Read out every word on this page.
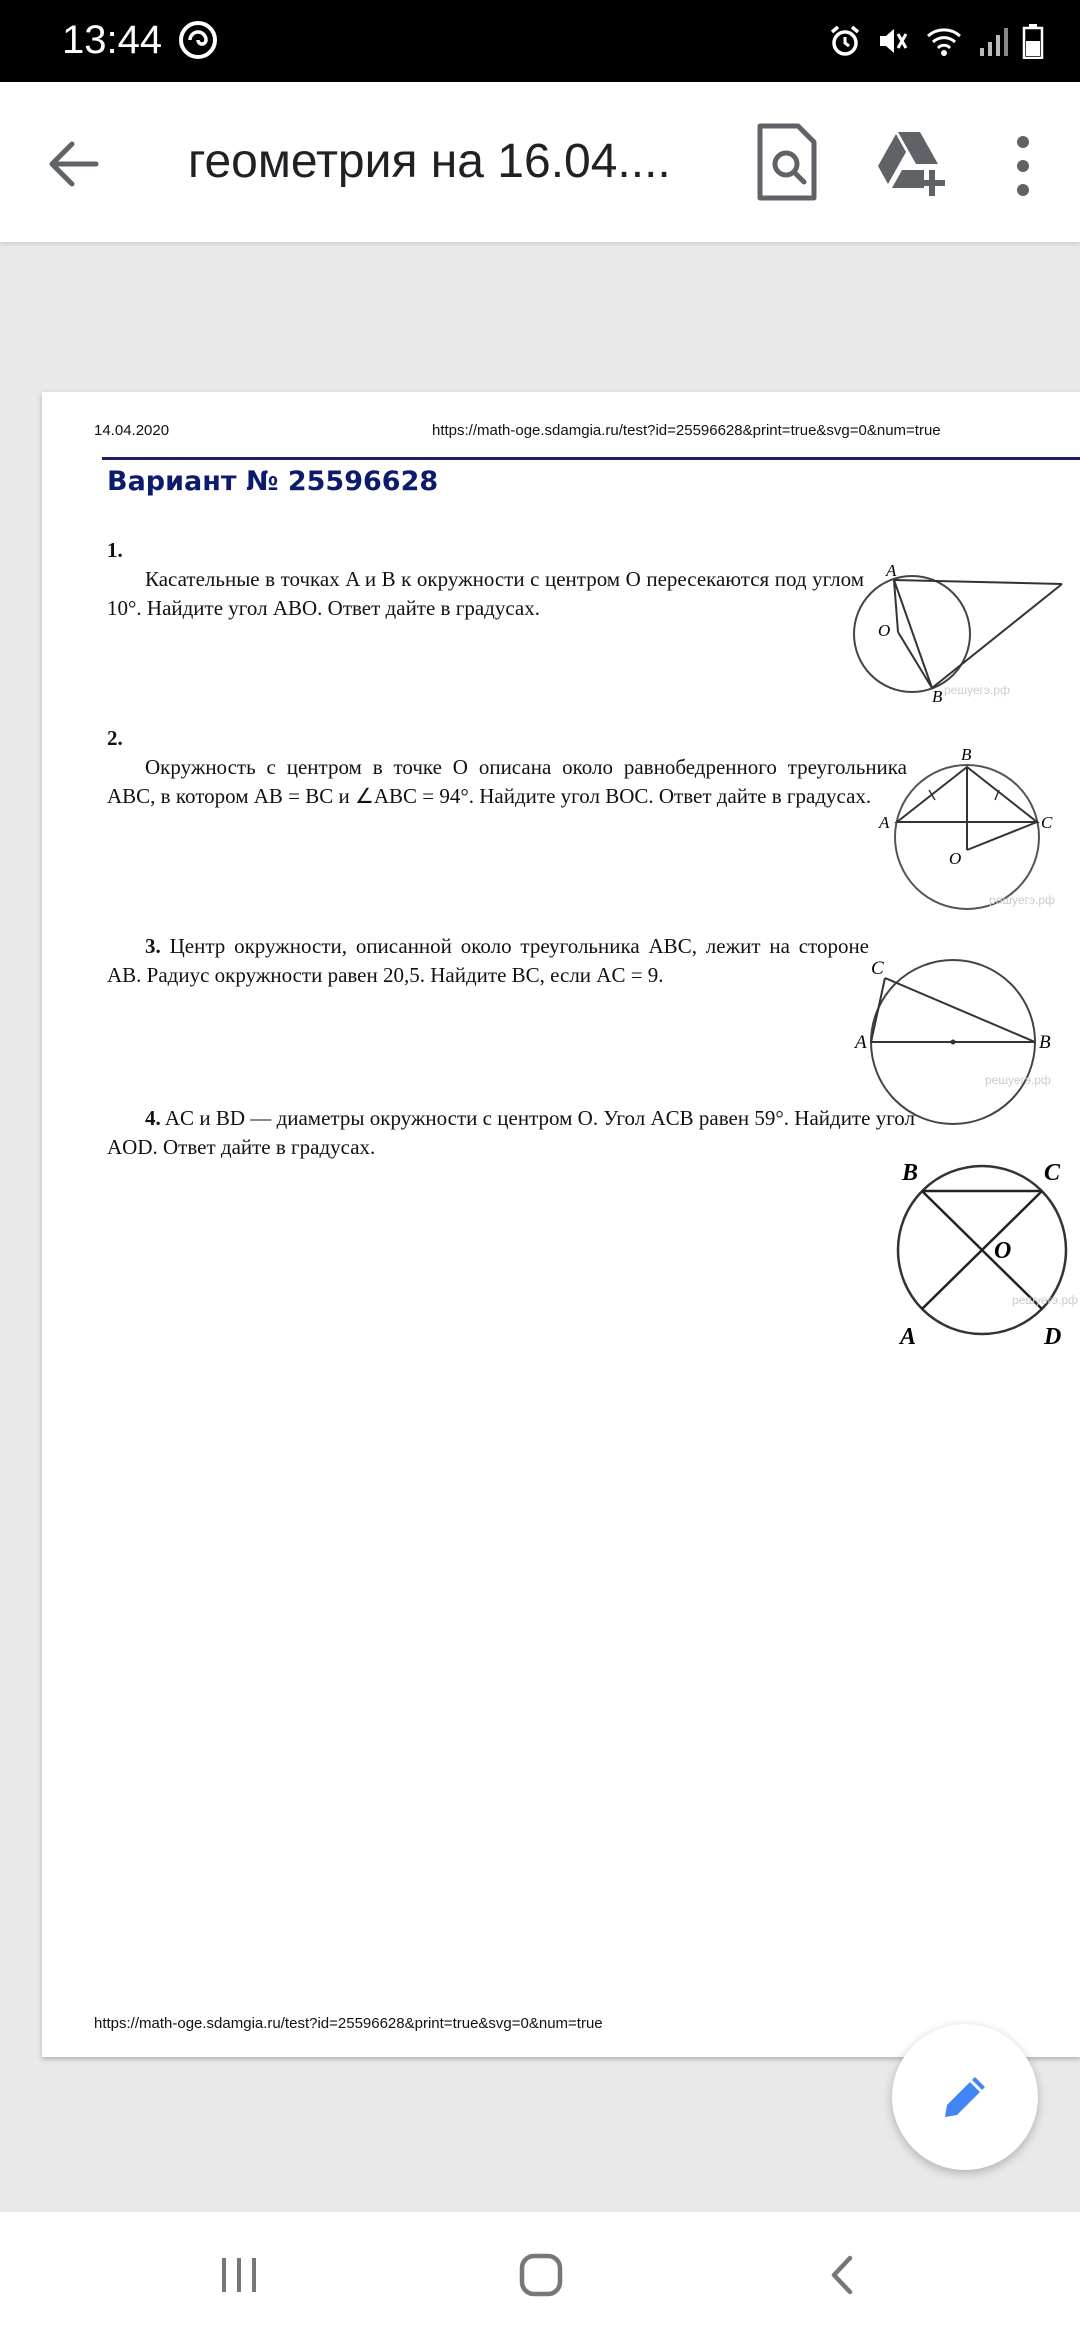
13:44
геометрия на 16.04....
14.04.2020	https://math-oge.sdamgia.ru/test?id=25596628&print=true&svg=0&num=true
Вариант № 25596628

1.

Касательные в точках A и B к окружности с центром O пересекаются под углом 10°. Найдите угол ABO. Ответ дайте в градусах.

A
O
B решуегэ.рф

2.

Окружность с центром в точке O описана около равнобедренного треугольника ABC, в котором AB = BC и ∠ABC = 94°. Найдите угол BOC. Ответ дайте в градусах.

B
A	C
O
решуегэ.рф

3. Центр окружности, описанной около треугольника ABC, лежит на стороне AB. Радиус окружности равен 20,5. Найдите BC, если AC = 9.	C
A	B
решуегэ.рф

4. AC и BD — диаметры окружности с центром O. Угол ACB равен 59°. Найдите угол AOD. Ответ дайте в градусах.

B	C
O
A	D
решуегэ.рф
https://math-oge.sdamgia.ru/test?id=25596628&print=true&svg=0&num=true
